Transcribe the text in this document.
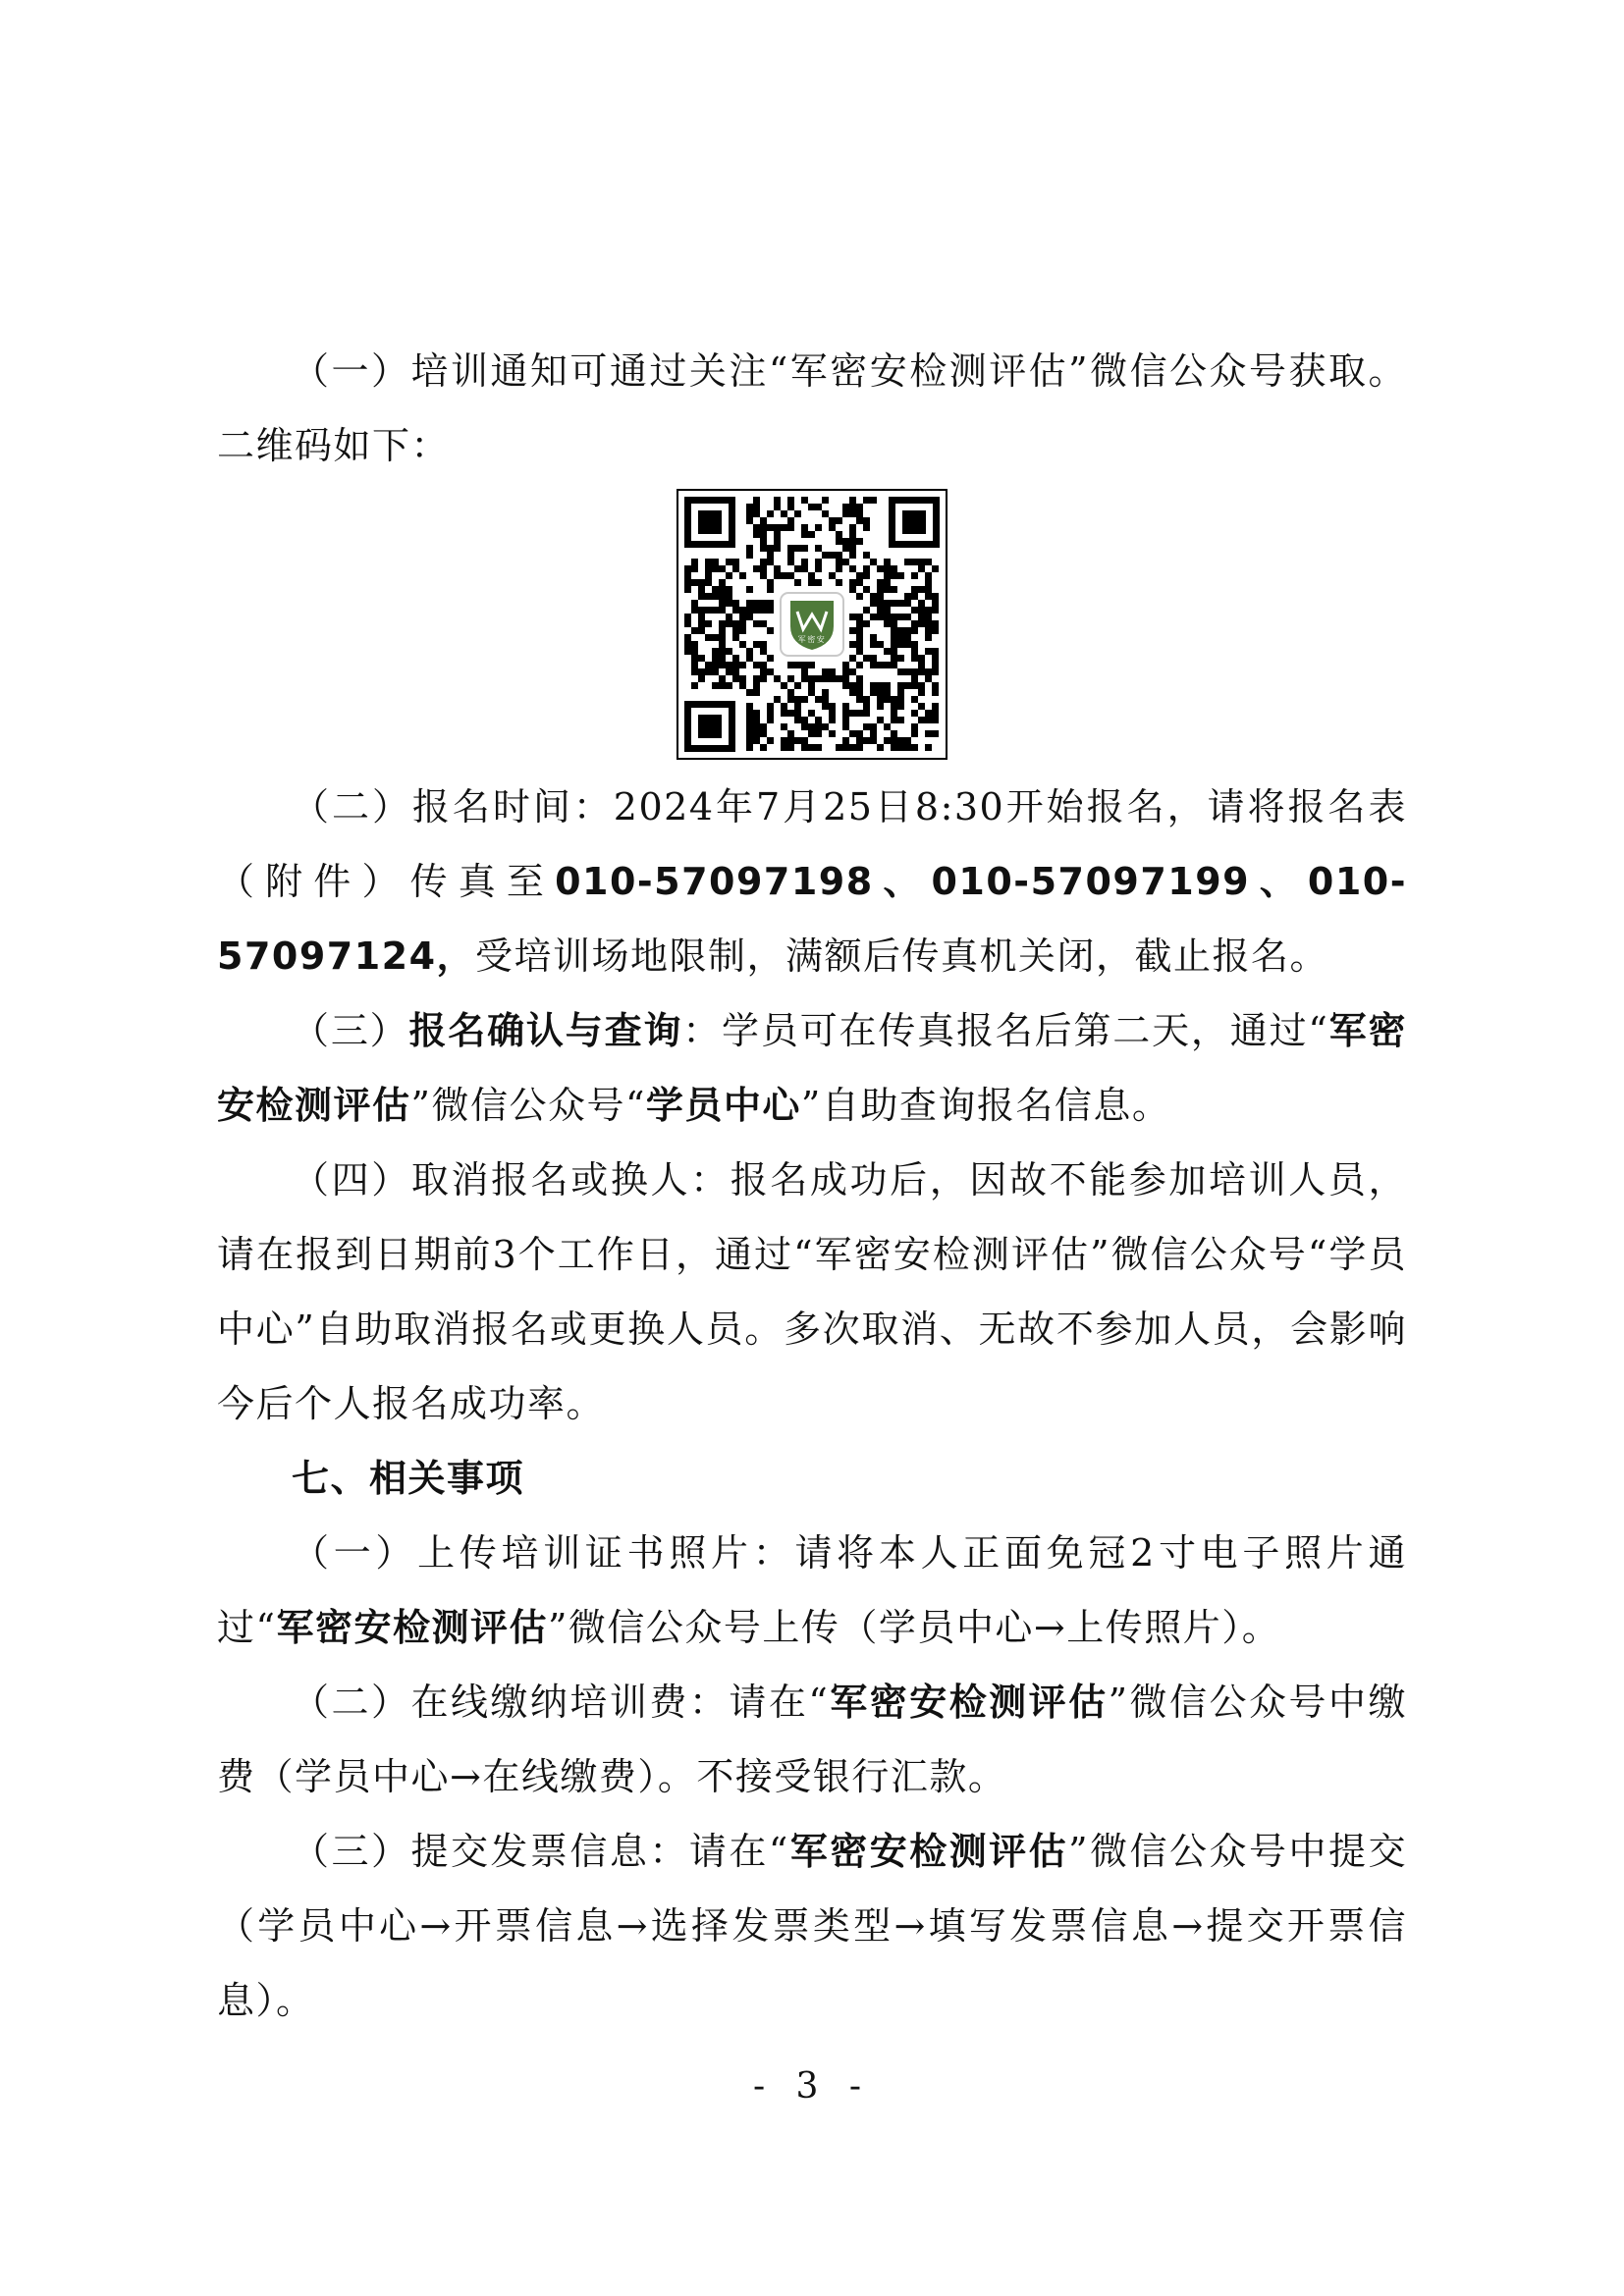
（一）培训通知可通过关注“军密安检测评估”微信公众号获取。二维码如下：

军密安

（二）报名时间：2024年7月25日8:30开始报名，请将报名表（附件）传真至010-57097198、010-57097199、010-57097124，受培训场地限制，满额后传真机关闭，截止报名。

（三）报名确认与查询：学员可在传真报名后第二天，通过“军密安检测评估”微信公众号“学员中心”自助查询报名信息。

（四）取消报名或换人：报名成功后，因故不能参加培训人员，请在报到日期前3个工作日，通过“军密安检测评估”微信公众号“学员中心”自助取消报名或更换人员。多次取消、无故不参加人员，会影响今后个人报名成功率。

七、相关事项

（一）上传培训证书照片：请将本人正面免冠2寸电子照片通过“军密安检测评估”微信公众号上传（学员中心→上传照片）。

（二）在线缴纳培训费：请在“军密安检测评估”微信公众号中缴费（学员中心→在线缴费）。不接受银行汇款。

（三）提交发票信息：请在“军密安检测评估”微信公众号中提交（学员中心→开票信息→选择发票类型→填写发票信息→提交开票信息）。

- 3 -
